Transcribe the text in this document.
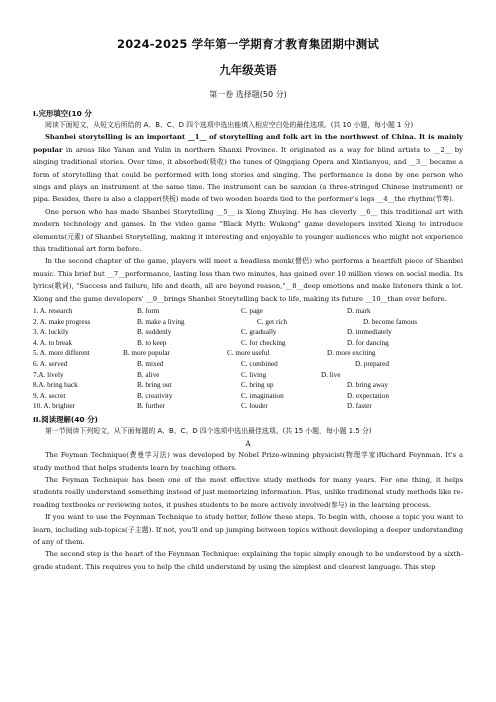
2024-2025 学年第一学期育才教育集团期中测试
九年级英语
第一卷 选择题(50 分)
I.完形填空(10 分

阅读下面短文，从短文后所给的 A、B、C、D 四个选项中选出能填入相应空白处的最佳选项。(共 10 小题，每小题 1 分)

Shanbei storytelling is an important __1__ of storytelling and folk art in the northwest of China. It is mainly popular in areas like Yanan and Yulin in northern Shanxi Province. It originated as a way for blind artists to __2__ by singing traditional stories. Over time, it absorbed(吸收) the tunes of Qingqiang Opera and Xintianyou, and __3__ became a form of storytelling that could be performed with long stories and singing. The performance is done by one person who sings and plays an instrument at the same time. The instrument can be sanxian (a three-stringed Chinese instrument) or pipa. Besides, there is also a clapper(快板) made of two wooden boards tied to the performer's legs __4__the rhythm(节奏).

One person who has made Shanbei Storytelling __5__ is Xiong Zhuying. He has cleverly __6__ this traditional art with modern technology and games. In the video game "Black Myth: Wukong" game developers invited Xiong to introduce elements(元素) of Shanbei Storytelling, making it interesting and enjoyable to younger audiences who might not experience this traditional art form before.

In the second chapter of the game, players will meet a headless monk(僧侣) who performs a heartfelt piece of Shanbei music. This brief but __7__performance, lasting less than two minutes, has gained over 10 million views on social media. Its lyrics(歌词), "Success and failure, life and death, all are beyond reason,"__8__deep emotions and make listeners think a lot. Xiong and the game developers' __9__brings Shanbei Storytelling back to life, making its future __10__than ever before.

1. A. research	B. form	C. page	D. mark
2. A. make progress	B. make a living	C. get rich	D. become famous
3. A. luckily	B. suddenly	C. gradually	D. immediately
4. A. to break	B. to keep	C. for checking	D. for dancing
5. A. more different	B. more popular	C. more useful	D. more exciting
6. A. served	B. mixed	C. combined	D. prepared
7.A. lively	B. alive	C. living	D. live
8.A. bring back	B. bring out	C. bring up	D. bring away
9. A. secret	B. creativity	C. imagination	D. expectation
10. A. brighter	B. further	C. louder	D. faster
II.阅读理解(40 分)

第一节阅读下列短文，从下面每题的 A、B、C、D 四个选项中选出最佳选项。(共 15 小题，每小题 1.5 分)

A

The Feyman Technique(费曼学习法) was developed by Nobel Prize-winning physicist(物理学家)Richard Feynman. It's a study method that helps students learn by teaching others.

The Feyman Technique has been one of the most effective study methods for many years. For one thing, it helps students really understand something instead of just memorizing information. Plus, unlike traditional study methods like re-reading textbooks or reviewing notes, it pushes students to be more actively involved(参与) in the learning process.

If you want to use the Feynman Technique to study better, follow these steps. To begin with, choose a topic you want to learn, including sub-topics(子主题). If not, you'll end up jumping between topics without developing a deeper understanding of any of them.

The second step is the heart of the Feynman Technique: explaining the topic simply enough to be understood by a sixth-grade student. This requires you to help the child understand by using the simplest and clearest language. This step
